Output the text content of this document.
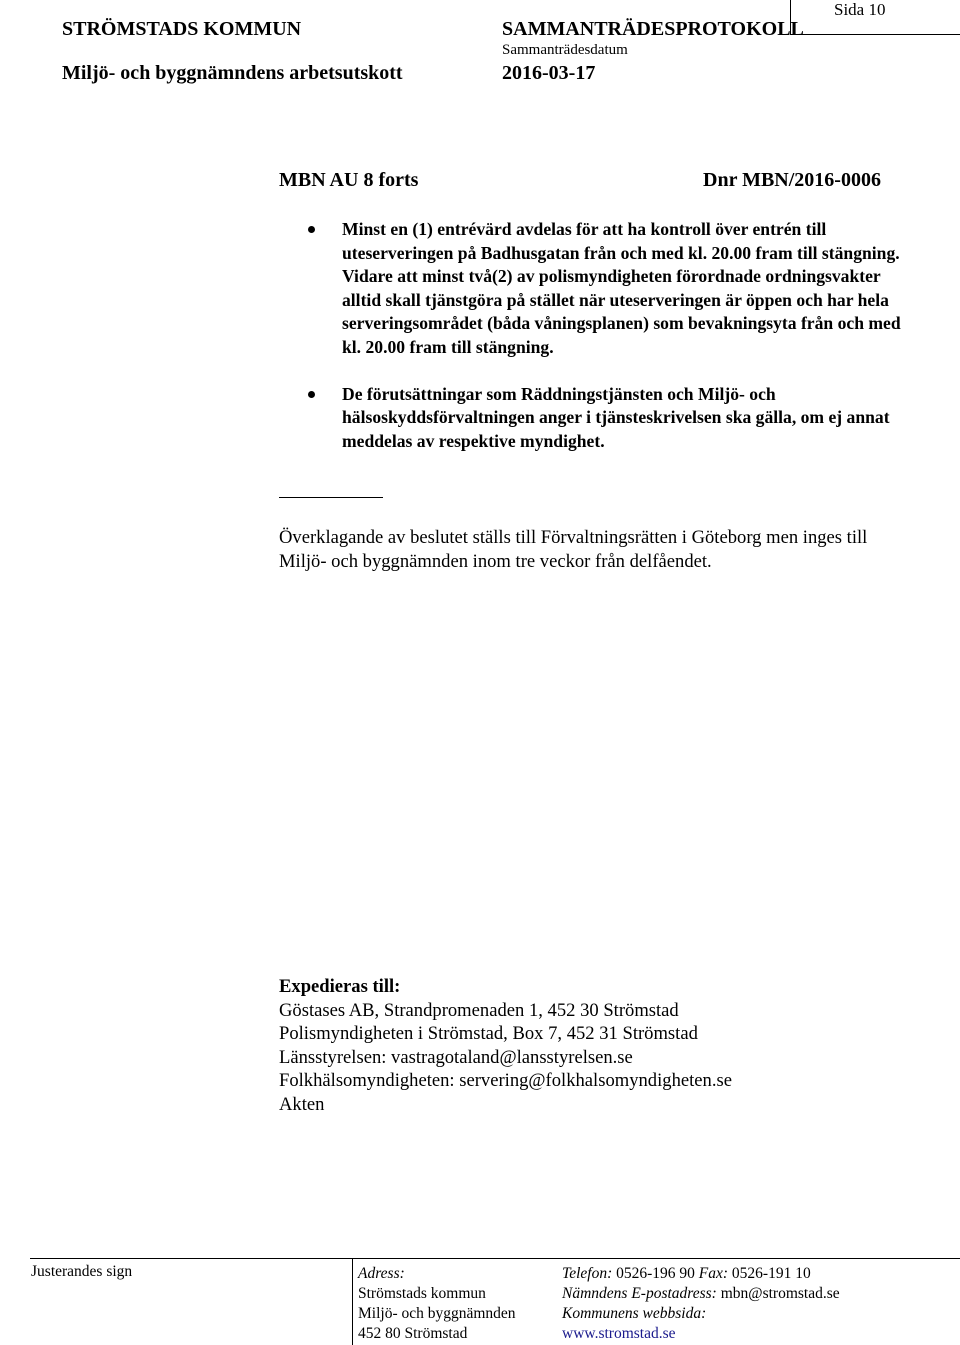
Sida 10
STRÖMSTADS KOMMUN	SAMMANTRÄDESPROTOKOLL
Sammanträdesdatum
Miljö- och byggnämndens arbetsutskott	2016-03-17
MBN AU 8 forts	Dnr MBN/2016-0006
Minst en (1) entrévärd avdelas för att ha kontroll över entrén till uteserveringen på Badhusgatan från och med kl. 20.00 fram till stängning. Vidare att minst två(2) av polismyndigheten förordnade ordningsvakter alltid skall tjänstgöra på stället när uteserveringen är öppen och har hela serveringsområdet (båda våningsplanen) som bevakningsyta från och med kl. 20.00 fram till stängning.
De förutsättningar som Räddningstjänsten och Miljö- och hälsoskyddsförvaltningen anger i tjänsteskrivelsen ska gälla, om ej annat meddelas av respektive myndighet.
Överklagande av beslutet ställs till Förvaltningsrätten i Göteborg men inges till Miljö- och byggnämnden inom tre veckor från delfåendet.
Expedieras till:
Göstases AB, Strandpromenaden 1, 452 30 Strömstad
Polismyndigheten i Strömstad, Box 7, 452 31 Strömstad
Länsstyrelsen: vastragotaland@lansstyrelsen.se
Folkhälsomyndigheten: servering@folkhalsomyndigheten.se
Akten
Justerandes sign	Adress:
Strömstads kommun
Miljö- och byggnämnden
452 80 Strömstad
Telefon: 0526-196 90 Fax: 0526-191 10
Nämndens E-postadress: mbn@stromstad.se
Kommunens webbsida:
www.stromstad.se
